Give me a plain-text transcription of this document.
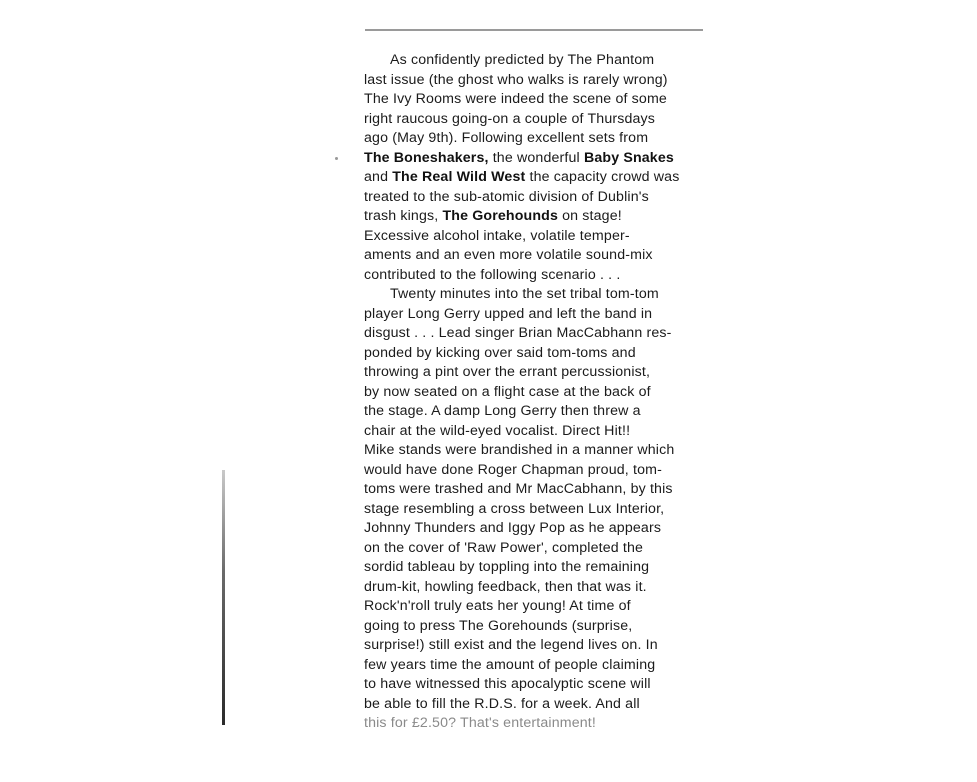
As confidently predicted by The Phantom
last issue (the ghost who walks is rarely wrong)
The Ivy Rooms were indeed the scene of some
right raucous going-on a couple of Thursdays
ago (May 9th). Following excellent sets from
The Boneshakers, the wonderful Baby Snakes
and The Real Wild West the capacity crowd was
treated to the sub-atomic division of Dublin's
trash kings, The Gorehounds on stage!
Excessive alcohol intake, volatile temper-
aments and an even more volatile sound-mix
contributed to the following scenario . . .
Twenty minutes into the set tribal tom-tom
player Long Gerry upped and left the band in
disgust . . . Lead singer Brian MacCabhann res-
ponded by kicking over said tom-toms and
throwing a pint over the errant percussionist,
by now seated on a flight case at the back of
the stage. A damp Long Gerry then threw a
chair at the wild-eyed vocalist. Direct Hit!!
Mike stands were brandished in a manner which
would have done Roger Chapman proud, tom-
toms were trashed and Mr MacCabhann, by this
stage resembling a cross between Lux Interior,
Johnny Thunders and Iggy Pop as he appears
on the cover of 'Raw Power', completed the
sordid tableau by toppling into the remaining
drum-kit, howling feedback, then that was it.
Rock'n'roll truly eats her young! At time of
going to press The Gorehounds (surprise,
surprise!) still exist and the legend lives on. In
few years time the amount of people claiming
to have witnessed this apocalyptic scene will
be able to fill the R.D.S. for a week. And all
this for £2.50? That's entertainment!
